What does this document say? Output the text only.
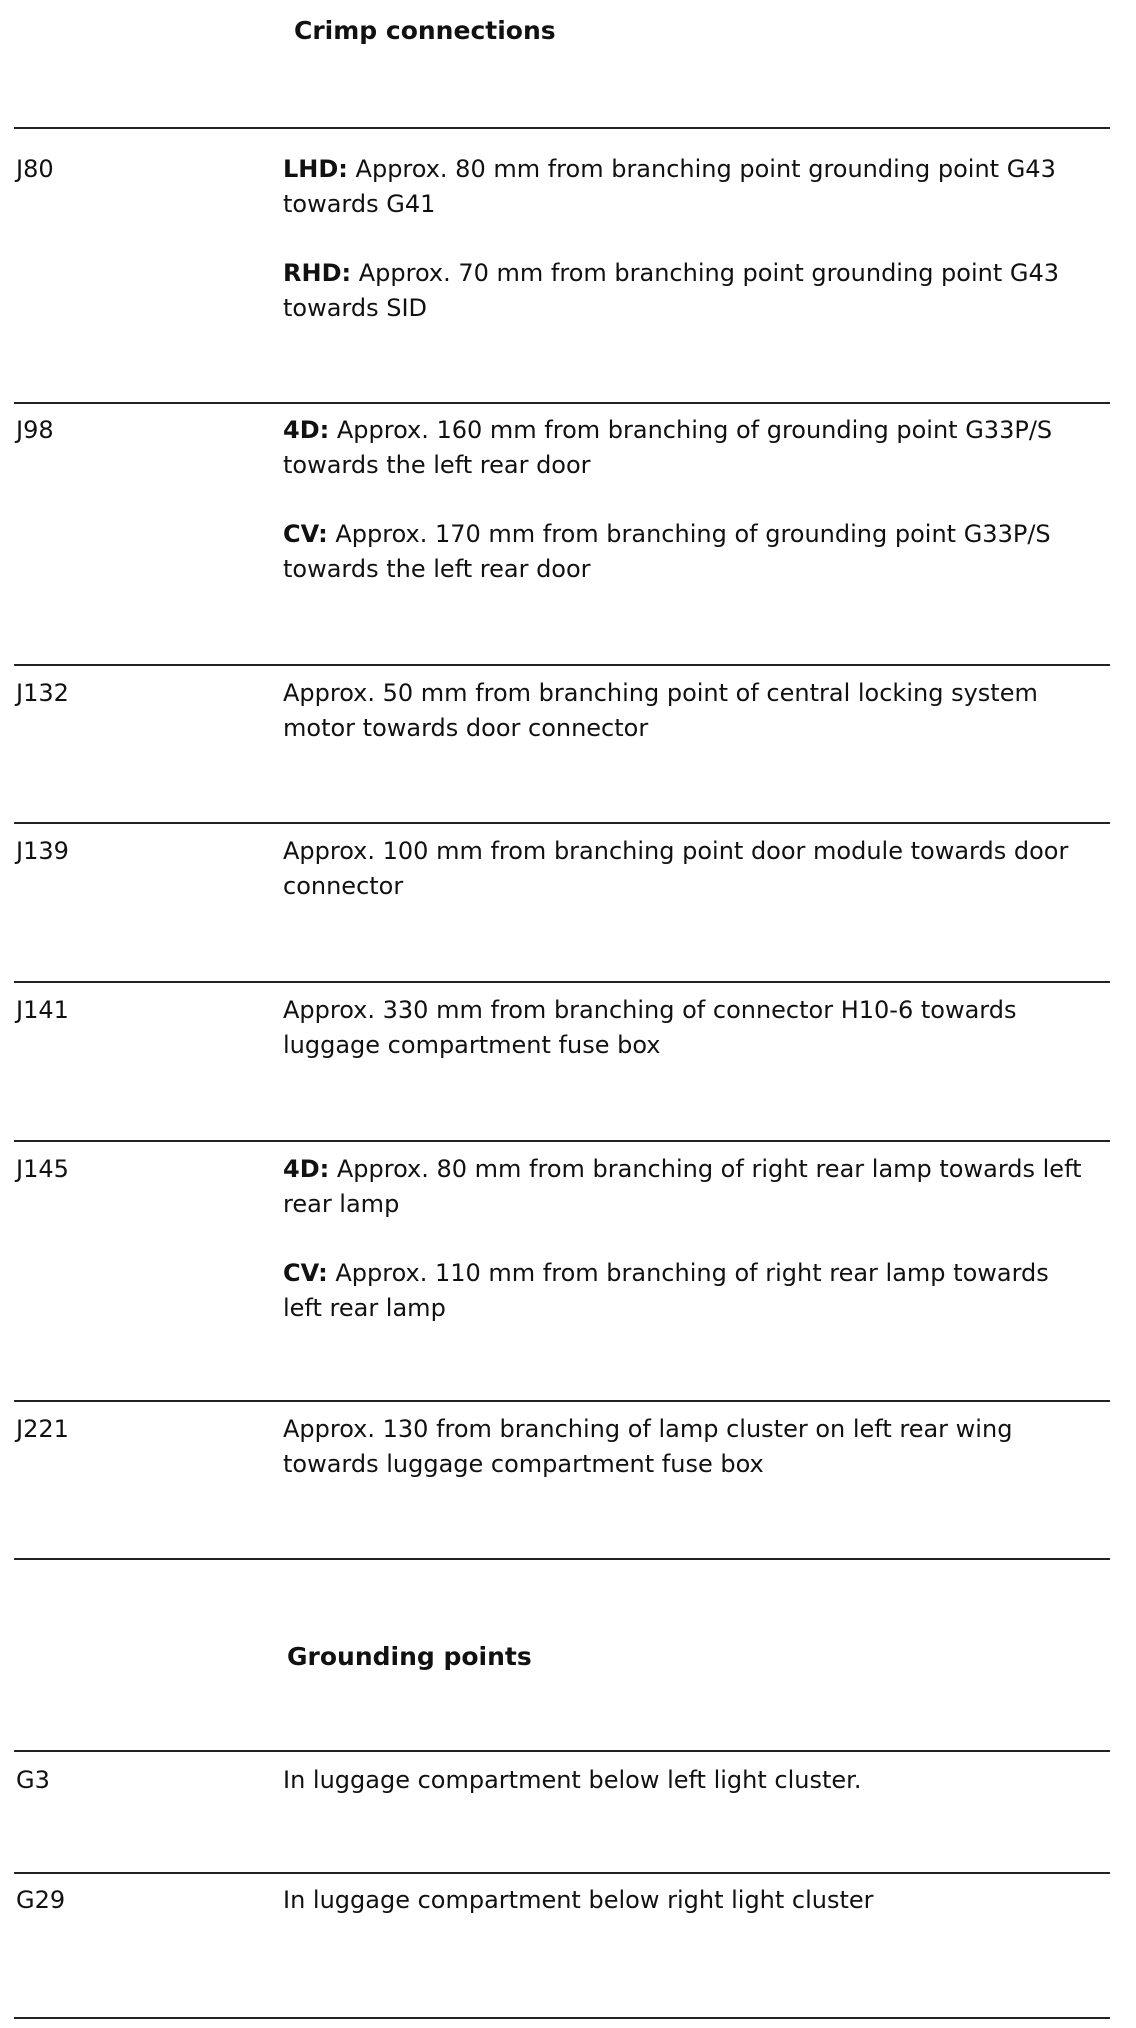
Crimp connections
J80	LHD: Approx. 80 mm from branching point grounding point G43 towards G41

RHD: Approx. 70 mm from branching point grounding point G43 towards SID

J98	4D: Approx. 160 mm from branching of grounding point G33P/S towards the left rear door

CV: Approx. 170 mm from branching of grounding point G33P/S towards the left rear door

J132	Approx. 50 mm from branching point of central locking system motor towards door connector

J139	Approx. 100 mm from branching point door module towards door connector

J141	Approx. 330 mm from branching of connector H10-6 towards luggage compartment fuse box

J145	4D: Approx. 80 mm from branching of right rear lamp towards left rear lamp

CV: Approx. 110 mm from branching of right rear lamp towards left rear lamp

J221	Approx. 130 from branching of lamp cluster on left rear wing towards luggage compartment fuse box

Grounding points
G3	In luggage compartment below left light cluster.

G29	In luggage compartment below right light cluster
